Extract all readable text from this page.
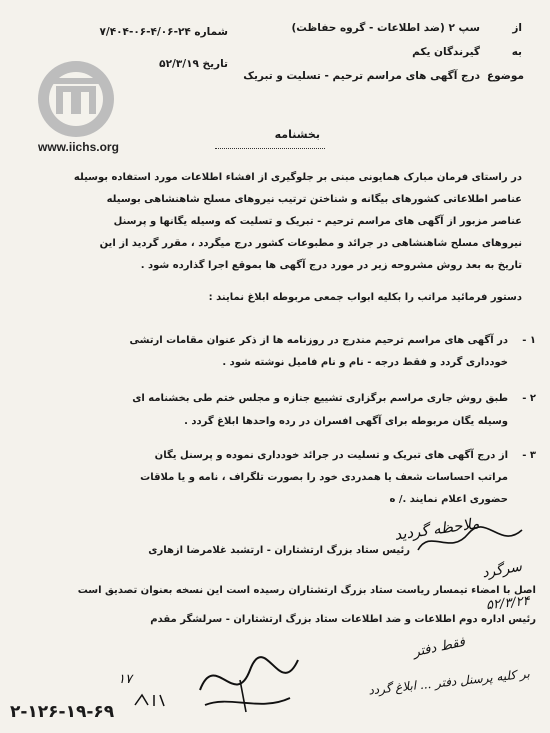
www.iichs.org
از
سپ ۲ (ضد اطلاعات - گروه حفاظت)
شماره ۲۴-۴/۰۶-۰۶-۷/۴۰۴
به
گیرندگان یکم
تاریخ ۵۲/۳/۱۹
موضوع
درج آگهی های مراسم ترحیم - تسلیت و تبریک
بخشنامه
در راستای فرمان مبارک همایونی مبنی بر جلوگیری از افشاء اطلاعات مورد استفاده بوسیله
عناصر اطلاعاتی کشورهای بیگانه و شناختن ترتیب نیروهای مسلح شاهنشاهی بوسیله
عناصر مزبور از آگهی های مراسم ترحیم - تبریک و تسلیت که وسیله یگانها و پرسنل
نیروهای مسلح شاهنشاهی در جرائد و مطبوعات کشور درج میگردد ، مقرر گردید از این
تاریخ به بعد روش مشروحه زیر در مورد درج آگهی ها بموقع اجرا گذارده شود .
دستور فرمائید مراتب را بکلیه ابواب جمعی مربوطه ابلاغ نمایند :
۱ -
در آگهی های مراسم ترحیم مندرج در روزنامه ها از ذکر عنوان مقامات ارتشی
خودداری گردد و فقط درجه - نام و نام فامیل نوشته شود .
۲ -
طبق روش جاری مراسم برگزاری تشییع جنازه و مجلس ختم طی بخشنامه ای
وسیله یگان مربوطه برای آگهی افسران در رده واحدها ابلاغ گردد .
۳ -
از درج آگهی های تبریک و تسلیت در جرائد خودداری نموده و پرسنل یگان
مراتب احساسات شعف یا همدردی خود را بصورت تلگراف ، نامه و یا ملاقات
حضوری اعلام نمایند ./ ه
رئیس ستاد بزرگ ارتشتاران - ارتشبد غلامرضا ازهاری
اصل با امضاء تیمسار ریاست ستاد بزرگ ارتشتاران رسیده است این نسخه بعنوان تصدیق است
رئیس اداره دوم اطلاعات و ضد اطلاعات ستاد بزرگ ارتشتاران - سرلشگر مقدم
ملاحظه گردید
سرگرد
۵۲/۳/۲۴
فقط دفتر
بر کلیه پرسنل دفتر ... ابلاغ گردد
۱۷
۲-۱۲۶-۱۹-۶۹
